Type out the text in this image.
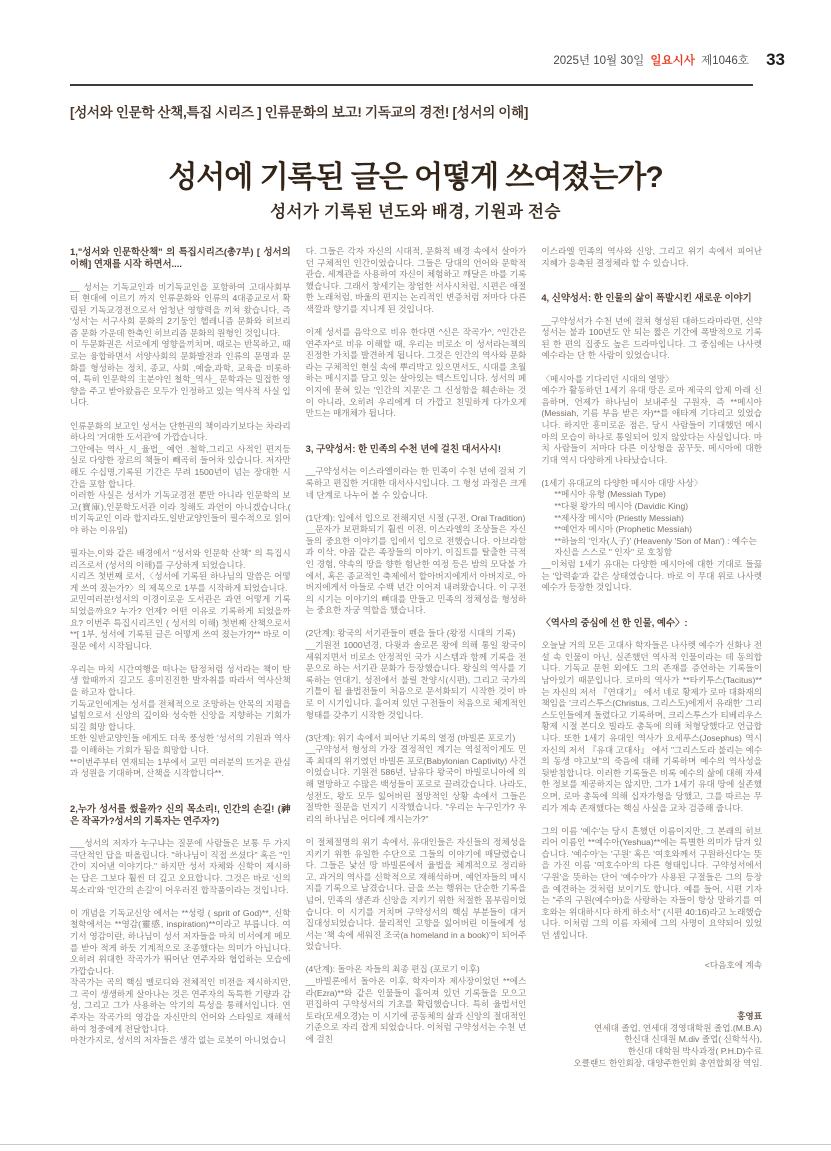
2025년 10월 30일 일요시사 제1046호 33
[성서와 인문학 산책,특집 시리즈 ] 인류문화의 보고! 기독교의 경전! [성서의 이해]
성서에 기록된 글은 어떻게 쓰여졌는가?
성서가 기록된 년도와 배경, 기원과 전승
1,"성서와 인문학산책" 의 특집시리즈(총7부) [ 성서의 이해] 연재를 시작 하면서....
__ 성서는 기독교인과 비기독교인을 포함하여 고대사회부터 현대에 이르기 까지 인류문화와 인류의 4대종교로서 확립된 기독교경전으로서 엄청난 영향력을 끼쳐 왔습니다, 즉 '성서'는 서구사회 문화의 2기둥인 헬레니즘 문화와 히브리즘 문화 가운데 한축인 히브리즘 문화의 원형인 것입니다.
이 두문화권은 서로에게 영향을끼치며, 때로는 반목하고, 때로는 융합하면서 서양사회의 문화발전과 인류의 문명과 문화를 형성하는 정치, 종교, 사회 ,예술,과학, 교육을 비롯하여, 특히 인문학의 主분야인 철학_역사_ 문학과는 밀접한 영향을 주고 받아왔음은 모두가 인정하고 있는 역사적 사실 입니다.
인류문화의 보고인 성서는 단한권의 책이라기보다는 차라리 하나의 '거대한 도서관'에 가깝습니다.
그안에는 역사_시_율법_ 예언 .철학,그리고 사적인 편지등 실로 다양한 장르의 책들이 빼곡히 들어차 있습니다. 저자만 해도 수십명,기록된 기간은 무려 1500년이 넘는 장대한 시간을 포함 합니다.
이러한 사실은 성서가 기독교경전 뿐만 아니라 인문학의 보고(寶庫),인문학도서관 이라 칭해도 과언이 아니겠습니다.( 비기독교인 이라 할지라도,일반교양인들이 필수적으로 읽어야 하는 이유임)
필자는,이와 같은 배경에서 "성서와 인문학 산책" 의 특집시리즈로서 (성서의 이해)를 구상하게 되었습니다.
시리즈 첫번째 로서,〈성서에 기록된 하나님의 말씀은 어떻게 쓰여 졌는가?〉의 제목으로 1부를 시작하게 되었습니다.
교민여러분!성서의 이경이로운 도서관은 과연 어떻게 기록되었을까요? 누가? 언제? 어떤 이유로 기록하게 되었을까요? 이번주 특집시리즈인 ( 성서의 이해) 첫번째 산책으로서 **[ 1부, 성서에 기록된 글은 어떻게 쓰여 졌는가?]** 바로 이질문 에서 시작됩니다.
우리는 마치 시간여행을 떠나는 탐정처럼 성서라는 책이 탄생 할때까지 길고도 흥미진진한 발자취를 따라서 역사산책을 하고자 합니다.
기독교인에게는 성서를 전체적으로 조망하는 안목의 지평을 넓힘으로서 신앙의 깊이와 성숙한 신앙을 지향하는 기회가 되길 희망 합니다.
또한 일반교양인들 에게도 더욱 풍성한 '성서의 기원과 역사를 이해하는 기회가 됨을 희망합 니다.
**이번주부터 연재되는 1부에서 교민 여러분의 뜨거운 관심과 성원을 기대하며, 산책을 시작합니다**.
2,누가 성서를 썼을까? 신의 목소리!, 인간의 손길! (神은 작곡가?성서의 기록자는 연주자?)
___성서의 저자가 누구냐는 질문에 사람들은 보통 두 가지 극단적인 답을 떠올립니다. "하나님이 직접 쓰셨다" 혹은 "인간이 지어낸 이야기다." 하지만 성서 자체와 신학이 제시하는 답은 그보다 훨씬 더 깊고 오묘합니다. 그것은 바로 '신의 목소리'와 '인간의 손길'이 어우러진 합작품이라는 것입니다.
이 개념을 기독교신앙 에서는 **성령 ( sprit of God)**, 신학 철학에서는 **영감(靈感, inspiration)**이라고 부릅니다. 여기서 영감이란, 하나님이 성서 저자들을 마치 비서에게 메모를 받아 적게 하듯 기계적으로 조종했다는 의미가 아닙니다. 오히려 위대한 작곡가가 뛰어난 연주자와 협업하는 모습에 가깝습니다.
작곡가는 곡의 핵심 멜로디와 전체적인 비전을 제시하지만, 그 곡이 생생하게 살아나는 것은 연주자의 독특한 기량과 감성, 그리고 그가 사용하는 악기의 특성을 통해서입니다. 연주자는 작곡가의 영감을 자신만의 언어와 스타일로 재해석하여 청중에게 전달합니다.
마찬가지로, 성서의 저자들은 생각 없는 로봇이 아니었습니
다. 그들은 각자 자신의 시대적, 문화적 배경 속에서 살아가던 구체적인 인간이었습니다. 그들은 당대의 언어와 문학적 관습, 세계관을 사용하여 자신이 체험하고 깨달은 바를 기록했습니다. 그래서 창세기는 장엄한 서사시처럼, 시편은 애절한 노래처럼, 바울의 편지는 논리적인 변증처럼 저마다 다른 색깔과 향기를 지니게 된 것입니다.
이제 성서를 음악으로 비유 한다면 ^신은 작곡가^, ^인간은 연주자^로 비유 이해할 때, 우리는 비로소 이 성서라는책의 진정한 가치를 발견하게 됩니다. 그것은 인간의 역사와 문화라는 구체적인 현실 속에 뿌리박고 있으면서도, 시대를 초월하는 메시지를 담고 있는 살아있는 텍스트입니다. 성서의 페이지에 묻혀 있는 '인간의 지문'은 그 신성함을 훼손하는 것이 아니라, 오히려 우리에게 더 가깝고 친밀하게 다가오게 만드는 매개체가 됩니다.
3, 구약성서: 한 민족의 수천 년에 걸친 대서사시!
__구약성서는 이스라엘이라는 한 민족이 수천 년에 걸쳐 기록하고 편집한 거대한 대서사시입니다. 그 형성 과정은 크게 네 단계로 나누어 볼 수 있습니다.
(1단계): 입에서 입으로 전해지던 시절 (구전, Oral Tradition)
__문자가 보편화되기 훨씬 이전, 이스라엘의 조상들은 자신들의 중요한 이야기를 입에서 입으로 전했습니다. 아브라함과 이삭, 야곱 같은 족장들의 이야기, 이집트를 탈출한 극적인 경험, 약속의 땅을 향한 험난한 여정 등은 밤의 모닥불 가에서, 혹은 종교적인 축제에서 할아버지에게서 아버지로, 아버지에게서 아들로 수백 년간 이어져 내려왔습니다. 이 구전의 시기는 이야기의 뼈대를 만들고 민족의 정체성을 형성하는 중요한 자궁 역할을 했습니다.
(2단계): 왕국의 서기관들이 펜을 들다 (왕정 시대의 기록)
__기원전 1000년경, 다윗과 솔로몬 왕에 의해 통일 왕국이 세워지면서 비로소 안정적인 국가 시스템과 함께 기록을 전문으로 하는 서기관 문화가 등장했습니다. 왕실의 역사를 기록하는 연대기, 성전에서 불릴 찬양시(시편), 그리고 국가의 기틀이 될 율법전들이 처음으로 문서화되기 시작한 것이 바로 이 시기입니다. 흩어져 있던 구전들이 처음으로 체계적인 형태를 갖추기 시작한 것입니다.
(3단계): 위기 속에서 피어난 기록의 열정 (바빌론 포로기)
__구약성서 형성의 가장 결정적인 계기는 역설적이게도 민족 최대의 위기였던 바빌론 포로(Babylonian Captivity) 사건이었습니다. 기원전 586년, 남유다 왕국이 바빌로니아에 의해 멸망하고 수많은 백성들이 포로로 끌려갔습니다. 나라도, 성전도, 왕도 모두 잃어버린 절망적인 상황 속에서 그들은 절박한 질문을 던지기 시작했습니다. "우리는 누구인가? 우리의 하나님은 어디에 계시는가?"
이 절체절명의 위기 속에서, 유대인들은 자신들의 정체성을 지키기 위한 유일한 수단으로 그들의 이야기에 매달렸습니다. 그들은 낯선 땅 바빌론에서 율법을 체계적으로 정리하고, 과거의 역사를 신학적으로 재해석하며, 예언자들의 메시지를 기록으로 남겼습니다. 글을 쓰는 행위는 단순한 기록을 넘어, 민족의 생존과 신앙을 지키기 위한 처절한 몸부림이었습니다. 이 시기를 거치며 구약성서의 핵심 부분들이 대거 집대성되었습니다. 물리적인 고향을 잃어버린 이들에게 성서는 '책 속에 세워진 조국(a homeland in a book)'이 되어주었습니다.
(4단계): 돌아온 자들의 최종 편집 (포로기 이후)
__바빌론에서 돌아온 이후, 학자이자 제사장이었던 **에스라(Ezra)**와 같은 인물들이 흩어져 있던 기록들을 모으고 편집하여 구약성서의 기초를 확립했습니다. 특히 율법서인 토라(모세오경)는 이 시기에 공동체의 삶과 신앙의 절대적인 기준으로 자리 잡게 되었습니다. 이처럼 구약성서는 수천 년에 걸친
이스라엘 민족의 역사와 신앙, 그리고 위기 속에서 피어난 지혜가 응축된 결정체라 할 수 있습니다.
4, 신약성서: 한 인물의 삶이 폭발시킨 새로운 이야기
__구약성서가 수천 년에 걸쳐 형성된 대하드라마라면, 신약성서는 불과 100년도 안 되는 짧은 기간에 폭발적으로 기록된 한 편의 집중도 높은 드라마입니다. 그 중심에는 나사렛 예수라는 단 한 사람이 있었습니다.
〈메시아를 기다리던 시대의 열망〉
예수가 활동하던 1세기 유대 땅은 로마 제국의 압제 아래 신음하며, 언제가 하나님이 보내주실 구원자, 즉 **메시아(Messiah, 기름 부음 받은 자)**를 애타게 기다리고 있었습니다. 하지만 흥미로운 점은, 당시 사람들이 기대했던 메시아의 모습이 하나로 통일되어 있지 않았다는 사실입니다. 마치 사람들이 저마다 다른 이상형을 꿈꾸듯, 메시아에 대한 기대 역시 다양하게 나타났습니다.
(1세기 유대교의 다양한 메시아 대망 사상〉
**메시아 유형 (Messiah Type)
**다윗 왕가의 메시아 (Davidic King)
**제사장 메시아 (Priestly Messiah)
**예언자 메시아 (Prophetic Messiah)
**하늘의 '인자(人子)' (Heavenly 'Son of Man') : 예수는 자신을 스스로 " 인자" 로 호칭함
__이처럼 1세기 유대는 다양한 메시아에 대한 기대로 들끓는 '압력솥'과 같은 상태였습니다. 바로 이 무대 위로 나사렛 예수가 등장한 것입니다.
〈역사의 중심에 선 한 인물, 예수〉:
오늘날 거의 모든 고대사 학자들은 나사렛 예수가 신화나 전설 속 인물이 아닌, 실존했던 역사적 인물이라는 데 동의합니다. 기독교 문헌 외에도 그의 존재를 증언하는 기록들이 남아있기 때문입니다. 로마의 역사가 **타키투스(Tacitus)**는 자신의 저서 『연대기』 에서 네로 황제가 로마 대화재의 책임을 '크리스투스(Christus, 그리스도)에게서 유래한' 그리스도인들에게 돌렸다고 기록하며, 크리스투스가 티베리우스 황제 시절 본디오 빌라도 총독에 의해 처형당했다고 언급합니다. 또한 1세기 유대인 역사가 요세푸스(Josephus) 역시 자신의 저서 『유대 고대사』 에서 "그리스도라 불리는 예수의 동생 야고보"의 죽음에 대해 기록하며 예수의 역사성을 뒷받침합니다. 이러한 기록들은 비록 예수의 삶에 대해 자세한 정보를 제공하지는 않지만, 그가 1세기 유대 땅에 실존했으며, 로마 총독에 의해 십자가형을 당했고, 그를 따르는 무리가 계속 존재했다는 핵심 사실을 교차 검증해 줍니다.
그의 이름 '예수'는 당시 흔했던 이름이지만, 그 본래의 히브리어 이름인 **예수아(Yeshua)**에는 특별한 의미가 담겨 있습니다. '예수아'는 '구원' 혹은 '여호와께서 구원하신다'는 뜻을 가진 이름 '여호수아'의 다른 형태입니다. 구약성서에서 '구원'을 뜻하는 단어 '예수아'가 사용된 구절들은 그의 등장을 예견하는 것처럼 보이기도 합니다. 예를 들어, 시편 기자는 "주의 구원(예수아)을 사랑하는 자들이 항상 말하기를 여호와는 위대하시다 하게 하소서" (시편 40:16)라고 노래했습니다. 이처럼 그의 이름 자체에 그의 사명이 요약되어 있었던 셈입니다.
<다음호에 계속
홍영표
연세대 졸업, 연세대 경영대학원 졸업.(M.B.A)
한신대 신대원 M.div 졸업( 신학석사),
한신대 대학원 박사과정( P.H.D)수료
오클랜드 한인회장, 대양주한인회 총연합회장 역임.
